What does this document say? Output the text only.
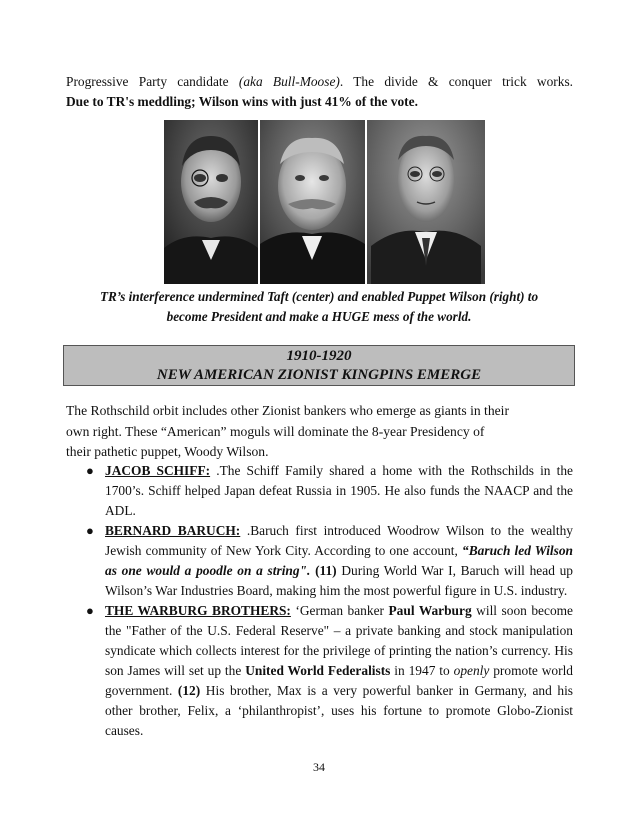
Progressive Party candidate (aka Bull-Moose). The divide & conquer trick works.
Due to TR's meddling; Wilson wins with just 41% of the vote.
TR’s interference undermined Taft (center) and enabled Puppet Wilson (right) to
become President and make a HUGE mess of the world.
1910-1920
NEW AMERICAN ZIONIST KINGPINS EMERGE
The Rothschild orbit includes other Zionist bankers who emerge as giants in their
own right. These “American” moguls will dominate the 8-year Presidency of
their pathetic puppet, Woody Wilson.
● JACOB SCHIFF: .The Schiff Family shared a home with the Rothschilds in the 1700’s. Schiff helped Japan defeat Russia in 1905. He also funds the NAACP and the ADL.
● BERNARD BARUCH: .Baruch first introduced Woodrow Wilson to the wealthy Jewish community of New York City. According to one account, “Baruch led Wilson as one would a poodle on a string". (11) During World War I, Baruch will head up Wilson’s War Industries Board, making him the most powerful figure in U.S. industry.
● THE WARBURG BROTHERS: ‘German banker Paul Warburg will soon become the "Father of the U.S. Federal Reserve" – a private banking and stock manipulation syndicate which collects interest for the privilege of printing the nation’s currency. His son James will set up the United World Federalists in 1947 to openly promote world government. (12) His brother, Max is a very powerful banker in Germany, and his other brother, Felix, a ‘philanthropist’, uses his fortune to promote Globo-Zionist causes.
34
